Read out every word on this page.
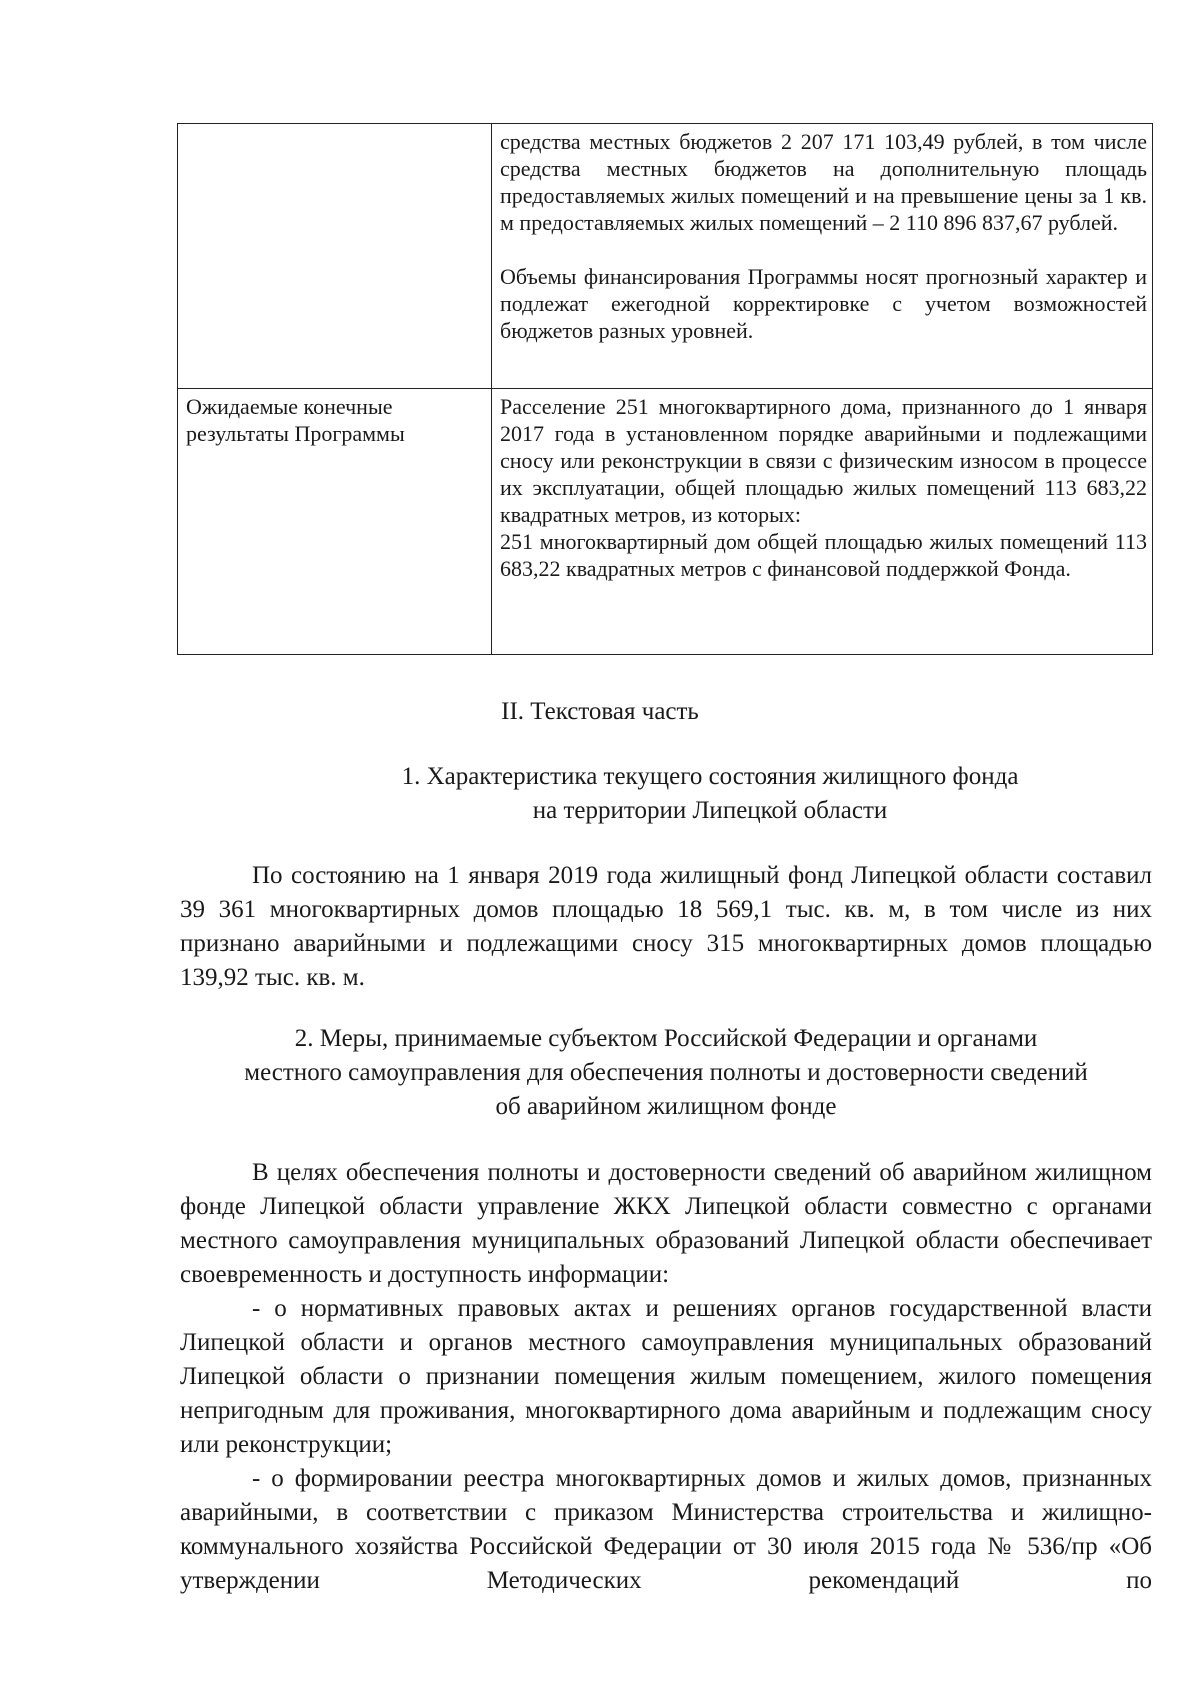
	средства местных бюджетов 2 207 171 103,49 рублей, в том числе средства местных бюджетов на дополнительную площадь предоставляемых жилых помещений и на превышение цены за 1 кв. м предоставляемых жилых помещений – 2 110 896 837,67 рублей.

Объемы финансирования Программы носят прогнозный характер и подлежат ежегодной корректировке с учетом возможностей бюджетов разных уровней.

Ожидаемые конечные результаты Программы	Расселение 251 многоквартирного дома, признанного до 1 января 2017 года в установленном порядке аварийными и подлежащими сносу или реконструкции в связи с физическим износом в процессе их эксплуатации, общей площадью жилых помещений 113 683,22 квадратных метров, из которых:

251 многоквартирный дом общей площадью жилых помещений 113 683,22 квадратных метров с финансовой поддержкой Фонда.

II. Текстовая часть
1. Характеристика текущего состояния жилищного фонда
на территории Липецкой области

По состоянию на 1 января 2019 года жилищный фонд Липецкой области составил 39 361 многоквартирных домов площадью 18 569,1 тыс. кв. м, в том числе из них признано аварийными и подлежащими сносу 315 многоквартирных домов площадью 139,92 тыс. кв. м.

2. Меры, принимаемые субъектом Российской Федерации и органами
местного самоуправления для обеспечения полноты и достоверности сведений
об аварийном жилищном фонде

В целях обеспечения полноты и достоверности сведений об аварийном жилищном фонде Липецкой области управление ЖКХ Липецкой области совместно с органами местного самоуправления муниципальных образований Липецкой области обеспечивает своевременность и доступность информации:

- о нормативных правовых актах и решениях органов государственной власти Липецкой области и органов местного самоуправления муниципальных образований Липецкой области о признании помещения жилым помещением, жилого помещения непригодным для проживания, многоквартирного дома аварийным и подлежащим сносу или реконструкции;

- о формировании реестра многоквартирных домов и жилых домов, признанных аварийными, в соответствии с приказом Министерства строительства и жилищно-коммунального хозяйства Российской Федерации от 30 июля 2015 года № 536/пр «Об утверждении Методических рекомендаций по
